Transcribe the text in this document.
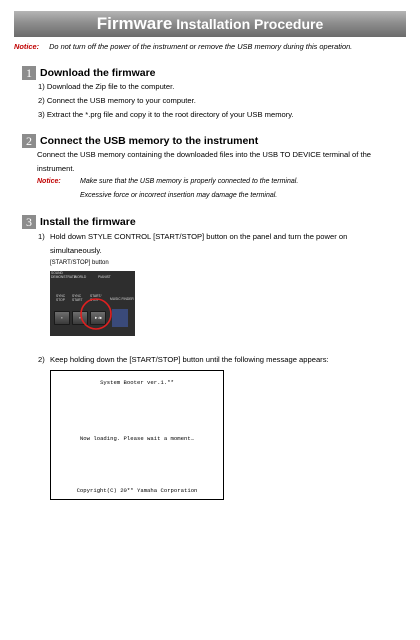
Firmware Installation Procedure
Notice: Do not turn off the power of the instrument or remove the USB memory during this operation.
1 Download the firmware
1) Download the Zip file to the computer.
2) Connect the USB memory to your computer.
3) Extract the *.prg file and copy it to the root directory of your USB memory.
2 Connect the USB memory to the instrument
Connect the USB memory containing the downloaded files into the USB TO DEVICE terminal of the
instrument.
Notice:	Make sure that the USB memory is properly connected to the terminal.
Excessive force or incorrect insertion may damage the terminal.
3 Install the firmware
1) Hold down STYLE CONTROL [START/STOP] button on the panel and turn the power on
simultaneously.
[START/STOP] button
SOUND
DEMONSTRATE
WORLD	PIANIST
SYNC STOP
SYNC START
START/ STOP	MUSIC FINDER
▪	▪	►/■
2) Keep holding down the [START/STOP] button until the following message appears:
System Booter ver.1.**
Now loading. Please wait a moment…
Copyright(C) 20** Yamaha Corporation
